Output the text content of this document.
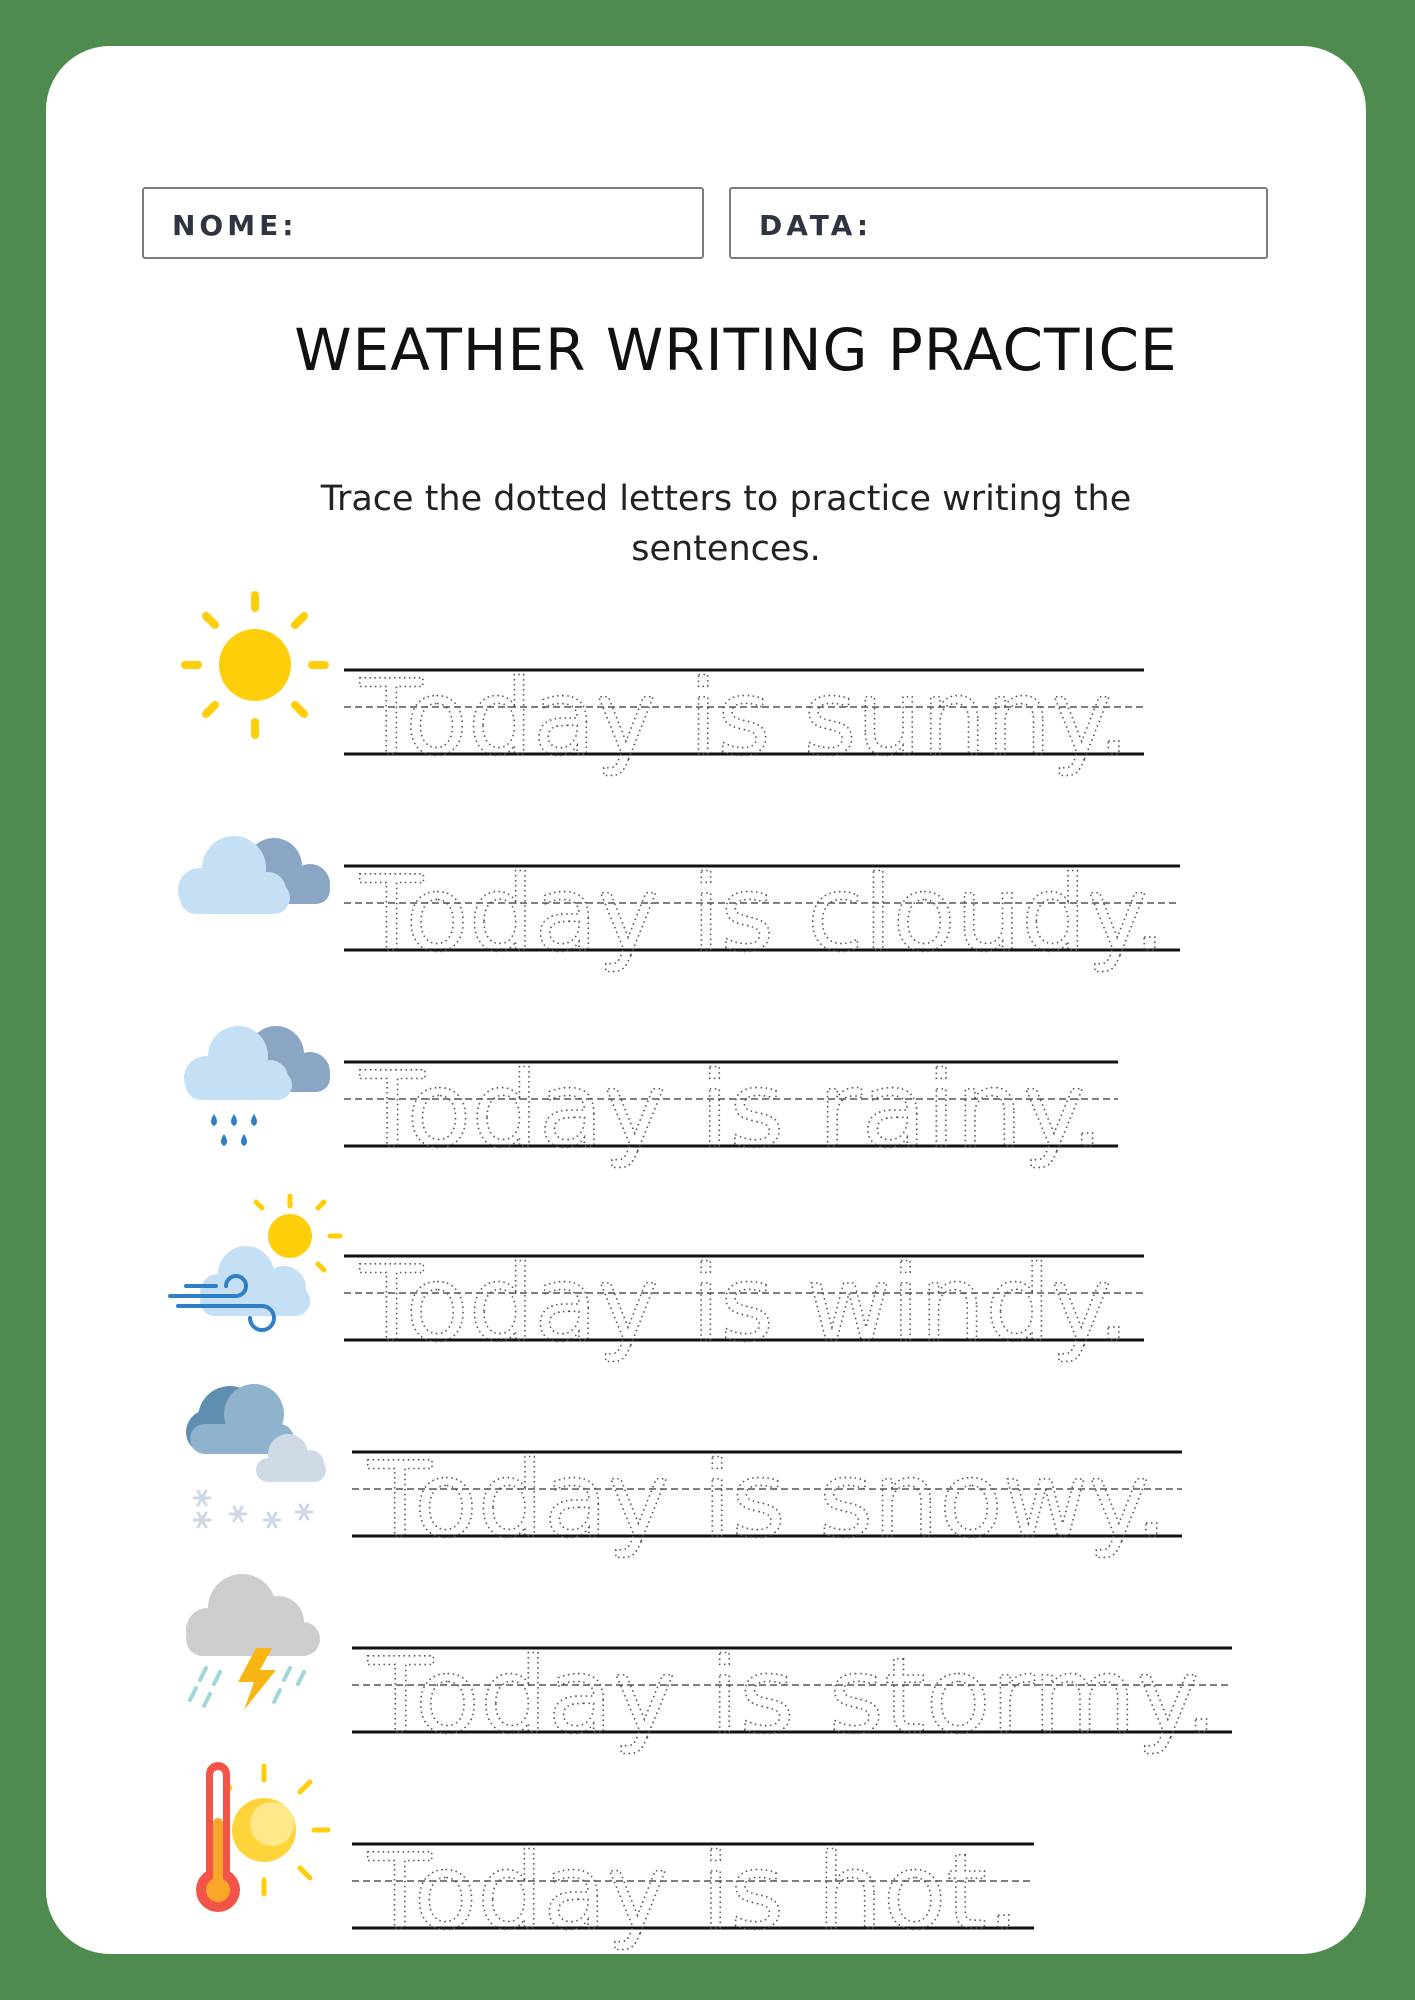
NOME:	DATA:
WEATHER WRITING PRACTICE
Trace the dotted letters to practice writing the sentences.
Today is sunny.
Today is cloudy.
Today is rainy.
Today is windy.
Today is snowy.
Today is stormy.
Today is hot.
